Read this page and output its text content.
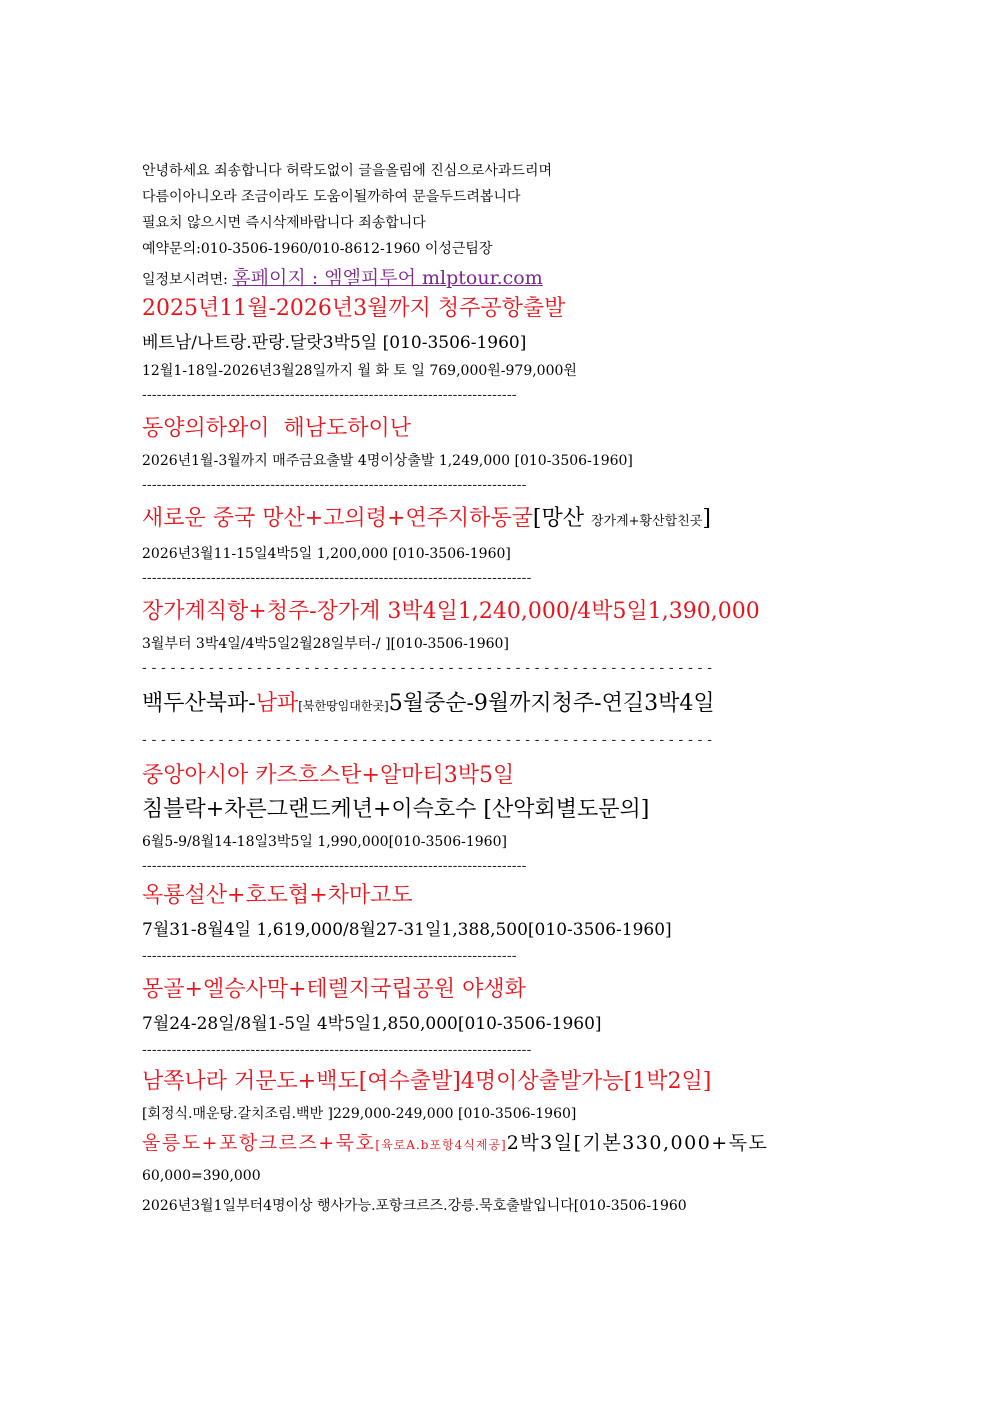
안녕하세요 죄송합니다 허락도없이 글을올림에 진심으로사과드리며

다름이아니오라 조금이라도 도움이될까하여 문을두드려봅니다

필요치 않으시면 즉시삭제바랍니다 죄송합니다

예약문의:010-3506-1960/010-8612-1960 이성근팀장

일정보시려면: 홈페이지 : 엠엘피투어 mlptour.com

2025년11월-2026년3월까지 청주공항출발

베트남/나트랑.판랑.달랏3박5일 [010-3506-1960]

12월1-18일-2026년3월28일까지 월 화 토 일 769,000원-979,000원

----------------------------------------------------------------------------

동양의하와이  해남도하이난

2026년1월-3월까지 매주금요출발 4명이상출발 1,249,000 [010-3506-1960]

------------------------------------------------------------------------------

새로운 중국 망산+고의령+연주지하동굴[망산 장가계+황산합친곳]

2026년3월11-15일4박5일 1,200,000 [010-3506-1960]

-------------------------------------------------------------------------------

장가계직항+청주-장가계 3박4일1,240,000/4박5일1,390,000

3월부터 3박4일/4박5일2월28일부터-/ ][010-3506-1960]

- - - - - - - - - - - - - - - - - - - - - - - - - - - - - - - - - - - - - - - - - - - - - - - - - - - - - - - - - - - -

백두산북파-남파[북한땅임대한곳]5월중순-9월까지청주-연길3박4일

- - - - - - - - - - - - - - - - - - - - - - - - - - - - - - - - - - - - - - - - - - - - - - - - - - - - - - - - - - - -

중앙아시아 카즈흐스탄+알마티3박5일

침블락+차른그랜드케년+이슥호수 [산악회별도문의]

6월5-9/8월14-18일3박5일 1,990,000[010-3506-1960]

------------------------------------------------------------------------------

옥룡설산+호도협+차마고도

7월31-8월4일 1,619,000/8월27-31일1,388,500[010-3506-1960]

----------------------------------------------------------------------------

몽골+엘승사막+테렐지국립공원 야생화

7월24-28일/8월1-5일 4박5일1,850,000[010-3506-1960]

-------------------------------------------------------------------------------

남쪽나라 거문도+백도[여수출발]4명이상출발가능[1박2일]

[회정식.매운탕.갈치조림.백반 ]229,000-249,000 [010-3506-1960]

울릉도+포항크르즈+묵호[육로A.b포항4식제공]2박3일[기본330,000+독도

60,000=390,000

2026년3월1일부터4명이상 행사가능.포항크르즈.강릉.묵호출발입니다[010-3506-1960
